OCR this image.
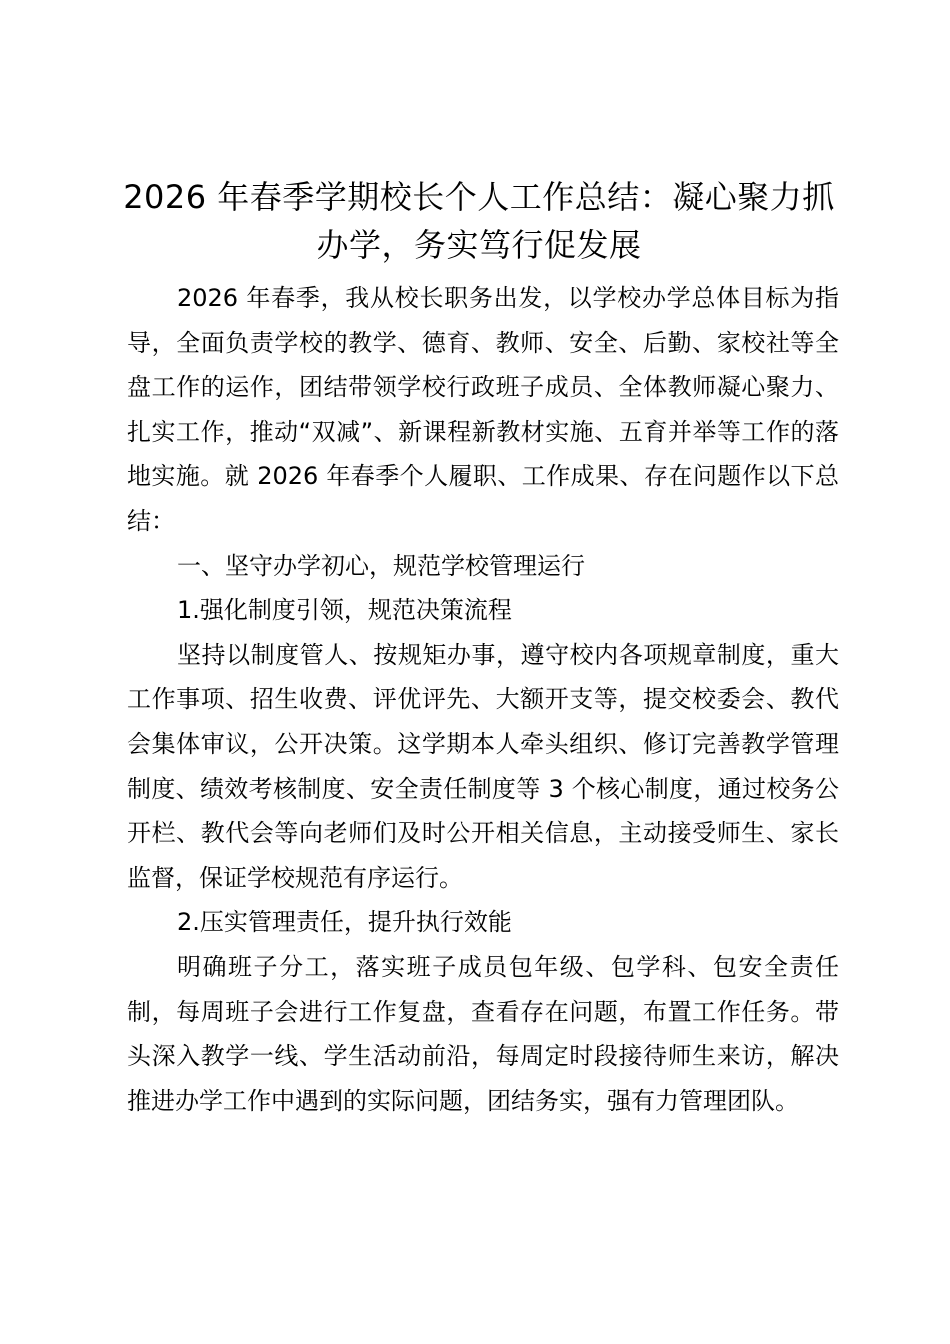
2026 年春季学期校长个人工作总结：凝心聚力抓办学，务实笃行促发展

2026 年春季，我从校长职务出发，以学校办学总体目标为指导，全面负责学校的教学、德育、教师、安全、后勤、家校社等全盘工作的运作，团结带领学校行政班子成员、全体教师凝心聚力、扎实工作，推动“双减”、新课程新教材实施、五育并举等工作的落地实施。就 2026 年春季个人履职、工作成果、存在问题作以下总结：

一、坚守办学初心，规范学校管理运行

1.强化制度引领，规范决策流程

坚持以制度管人、按规矩办事，遵守校内各项规章制度，重大工作事项、招生收费、评优评先、大额开支等，提交校委会、教代会集体审议，公开决策。这学期本人牵头组织、修订完善教学管理制度、绩效考核制度、安全责任制度等 3 个核心制度，通过校务公开栏、教代会等向老师们及时公开相关信息，主动接受师生、家长监督，保证学校规范有序运行。

2.压实管理责任，提升执行效能

明确班子分工，落实班子成员包年级、包学科、包安全责任制，每周班子会进行工作复盘，查看存在问题，布置工作任务。带头深入教学一线、学生活动前沿，每周定时段接待师生来访，解决推进办学工作中遇到的实际问题，团结务实，强有力管理团队。
